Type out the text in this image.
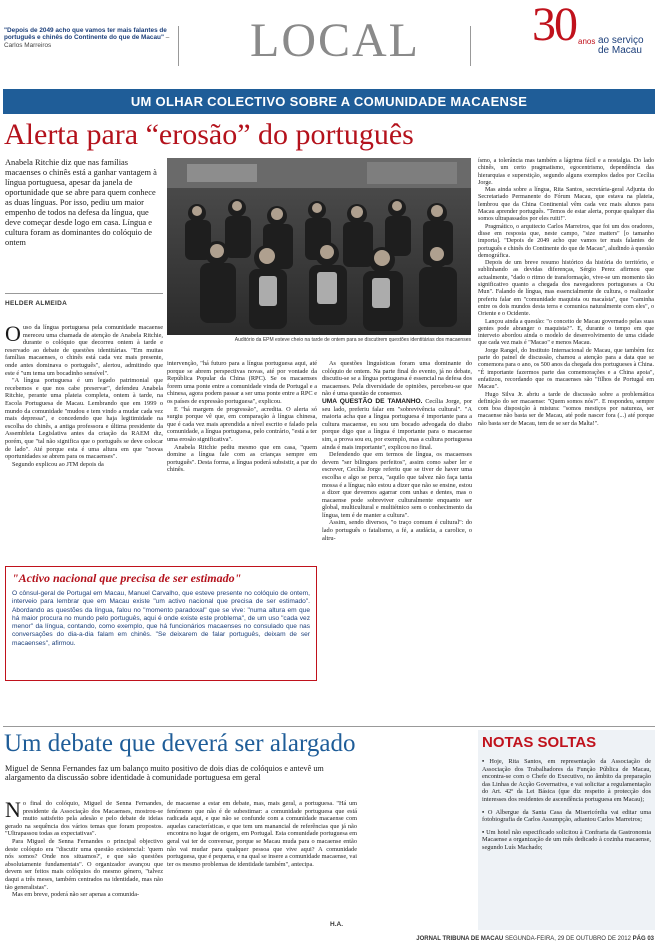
"Depois de 2049 acho que vamos ter mais falantes de português e chinês do Continente do que de Macau" – Carlos Marreiros	LOCAL 30 anos ao serviço
de Macau
UM OLHAR COLECTIVO SOBRE A COMUNIDADE MACAENSE
Alerta para “erosão” do português
Anabela Ritchie diz que nas famílias macaenses o chinês está a ganhar vantagem à língua portuguesa, apesar da janela de oportunidade que se abre para quem conhece as duas línguas. Por isso, pediu um maior empenho de todos na defesa da língua, que deve começar desde logo em casa. Língua e cultura foram as dominantes do colóquio de ontem
HELDER ALMEIDA
Auditório da EPM esteve cheio na tarde de ontem para se discutirem questões identitárias dos macaenses

Ouso da língua portuguesa pela comunidade macaense mereceu uma chamada de atenção de Anabela Ritchie, durante o colóquio que decorreu ontem à tarde e reservado ao debate de questões identitárias. "Em muitas famílias macaenses, o chinês está cada vez mais presente, onde antes dominava o português", alertou, admitindo que este é "um tema um bocadinho sensível".

"A língua portuguesa é um legado patrimonial que recebemos e que nos cabe preservar", defendeu Anabela Ritchie, perante uma plateia completa, ontem à tarde, na Escola Portuguesa de Macau. Lembrando que em 1999 o mundo da comunidade "mudou e tem vindo a mudar cada vez mais depressa", e concedendo que haja legitimidade na escolha do chinês, a antiga professora e última presidente da Assembleia Legislativa antes da criação da RAEM diz, porém, que "tal não significa que o português se deve colocar de lado". Até porque esta é uma altura em que "novas oportunidades se abrem para os macaenses".

Segundo explicou ao JTM depois da

intervenção, "há futuro para a língua portuguesa aqui, até porque se abrem perspectivas novas, até por vontade da República Popular da China (RPC). Se os macaenses forem uma ponte entre a comunidade vinda de Portugal e a chinesa, agora podem passar a ser uma ponte entre a RPC e os países de expressão portuguesa", explicou.

E "há margem de progressão", acredita. O alerta só surgiu porque vê que, em comparação à língua chinesa, que é cada vez mais aprendida a nível escrito e falado pela comunidade, a língua portuguesa, pelo contrário, "está a ter uma erosão significativa".

Anabela Ritchie pediu mesmo que em casa, "quem domine a língua fale com as crianças sempre em português". Desta forma, a língua poderá subsistir, a par do chinês.

As questões linguísticas foram uma dominante do colóquio de ontem. Na parte final do evento, já no debate, discutiu-se se a língua portuguesa é essencial na defesa dos macaenses. Pela diversidade de opiniões, percebeu-se que não é uma questão de consenso.

UMA QUESTÃO DE TAMANHO. Cecília Jorge, por seu lado, preferiu falar em "sobrevivência cultural". "A maioria acha que a língua portuguesa é importante para a cultura macaense, eu sou um bocado advogada do diabo porque digo que a língua é importante para o macaense sim, a prova sou eu, por exemplo, mas a cultura portuguesa ainda é mais importante", explicou no final.

Defendendo que em termos de língua, os macaenses devem "ser bilingues perfeitos", assim como saber ler e escrever, Cecília Jorge referiu que se tiver de haver uma escolha e algo se perca, "aquilo que talvez não faça tanta mossa é a língua; não estou a dizer que não se ensine, estou a dizer que devemos agarrar com unhas e dentes, mas o macaense pode sobreviver culturalmente enquanto ser global, multicultural e multiétnico sem o conhecimento da língua, tem é de manter a cultura".

Assim, sendo diversos, "o traço comum é cultural": do lado português o fatalismo, a fé, a audácia, a carolice, o altru-

ísmo, a tolerância mas também a lágrima fácil e a nostalgia. Do lado chinês, um certo pragmatismo, egocentrismo, dependência das hierarquias e superstição, segundo alguns exemplos dados por Cecília Jorge.

Mas ainda sobre a língua, Rita Santos, secretária-geral Adjunta do Secretariado Permanente do Fórum Macau, que estava na plateia, lembrou que da China Continental vêm cada vez mais alunos para Macau aprender português. "Temos de estar alerta, porque qualquer dia somos ultrapassados por eles ruiti!".

Pragmático, o arquitecto Carlos Marreiros, que foi um dos oradores, disse em resposta que, neste campo, "size matters" [o tamanho importa]. "Depois de 2049 acho que vamos ter mais falantes de português e chinês do Continente do que de Macau", aludindo à questão demográfica.

Depois de um breve resumo histórico da história do território, e sublinhando as devidas diferenças, Sérgio Perez afirmou que actualmente, "dado o ritmo de transformação, vive-se um momento tão significativo quanto a chegada dos navegadores portugueses a Ou Mun". Falando de língua, mas essencialmente de cultura, o realizador preferiu falar em "comunidade maquista ou macaísta", que "caminha entre os dois mundos desta terra e comunica naturalmente com eles", o Oriente e o Ocidente.

Lançou ainda a questão: "o conceito de Macau governado pelas suas gentes pode abranger o maquista?". E, durante o tempo em que interveio abordou ainda o modelo de desenvolvimento de uma cidade que cada vez mais é "Macao" e menos Macau.

Jorge Rangel, do Instituto Internacional de Macau, que também fez parte do painel de discussão, chamou a atenção para a data que se comemora para o ano, os 500 anos da chegada dos portugueses à China. "É importante fazermos parte das comemorações e a China apoia", enfatizou, recordando que os macaenses são "filhos de Portugal em Macau".

Hugo Silva Jr. abriu a tarde de discussão sobre a problemática definição do ser macaense: "Quem somos nós?". E respondeu, sempre com boa disposição à mistura: "somos mestiços por natureza, ser macaense não basta ser de Macau, até pode nascer fora (...) até porque não basta ser de Macau, tem de se ser da Malta!".

"Activo nacional que precisa de ser estimado"
O cônsul-geral de Portugal em Macau, Manuel Carvalho, que esteve presente no colóquio de ontem, interveio para lembrar que em Macau existe "um activo nacional que precisa de ser estimado". Abordando as questões da língua, falou no "momento paradoxal" que se vive: "numa altura em que há maior procura no mundo pelo português, aqui é onde existe este problema", de um uso "cada vez menor" da língua, contando, como exemplo, que há funcionários macaenses no consulado que nas conversações do dia-a-dia falam em chinês. "Se deixarem de falar português, deixam de ser macaenses", afirmou.
Um debate que deverá ser alargado
Miguel de Senna Fernandes faz um balanço muito positivo de dois dias de colóquios e antevê um alargamento da discussão sobre identidade à comunidade portuguesa em geral

No final do colóquio, Miguel de Senna Fernandes, presidente da Associação dos Macaenses, mostrou-se muito satisfeito pela adesão e pelo debate de ideias gerado na sequência dos vários temas que foram propostos. "Ultrapassou todas as expectativas".

Para Miguel de Senna Fernandes o principal objectivo deste colóquio era "discutir uma questão existencial: 'quem nós somos? Onde nos situamos?', e que são questões absolutamente fundamentais". O organizador avançou que devem ser feitos mais colóquios do mesmo género, "talvez daqui a três meses, também centrados na identidade, mas não tão generalistas".

Mas em breve, poderá não ser apenas a comunida-

de macaense a estar em debate, mas, mais geral, a portuguesa. "Há um fenómeno que não é de subestimar: a comunidade portuguesa que está radicada aqui, e que não se confunde com a comunidade macaense com aquelas características, e que tem um manancial de referências que já não encontra no lugar de origem, em Portugal. Esta comunidade portuguesa em geral vai ter de conversar, porque se Macau muda para o macaense então não vai mudar para qualquer pessoa que vive aqui? A comunidade portuguesa, que é pequena, e na qual se insere a comunidade macaense, vai ter os mesmo problemas de identidade também", antecipa.

H.A.
NOTAS SOLTAS

• Hoje, Rita Santos, em representação da Associação de Associação dos Trabalhadores da Função Pública de Macau, encontra-se com o Chefe do Executivo, no âmbito da preparação das Linhas de Acção Governativa, e vai solicitar a regulamentação do Art. 42º da Lei Básica (que diz respeito à protecção dos interesses dos residentes de ascendência portuguesa em Macau);

• O Albergue da Santa Casa da Misericórdia vai editar uma fotobiografia de Carlos Assumpção, adiantou Carlos Marreiros;

• Um hotel não especificado solicitou à Confraria da Gastronomia Macaense a organização de um mês dedicado à cozinha macaense, segundo Luís Machado;

JORNAL TRIBUNA DE MACAU SEGUNDA-FEIRA, 29 DE OUTUBRO DE 2012 PÁG 03
